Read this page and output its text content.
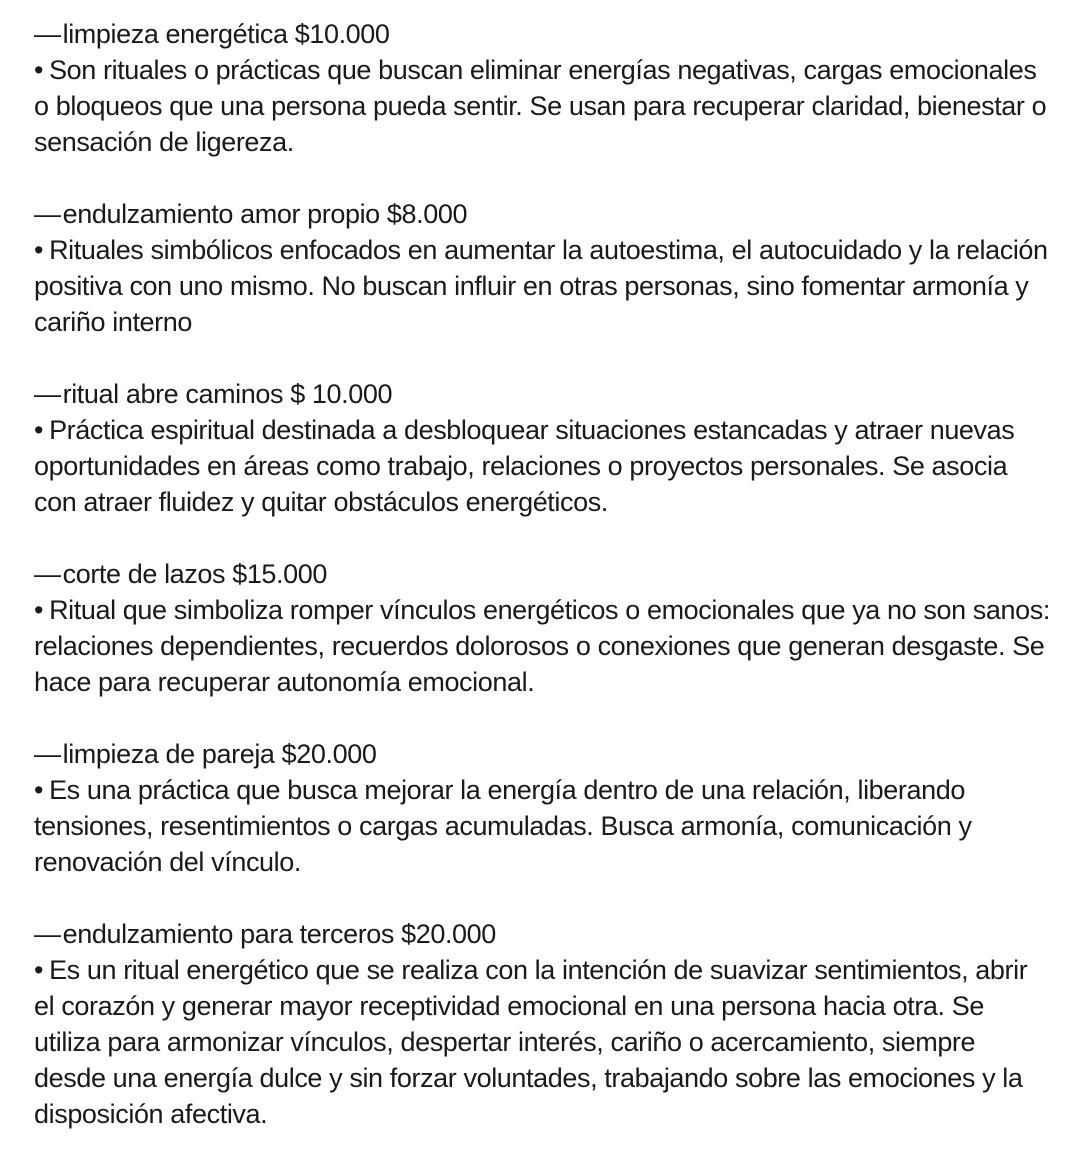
—limpieza energética $10.000

• Son rituales o prácticas que buscan eliminar energías negativas, cargas emocionales o bloqueos que una persona pueda sentir. Se usan para recuperar claridad, bienestar o sensación de ligereza.

—endulzamiento amor propio $8.000

• Rituales simbólicos enfocados en aumentar la autoestima, el autocuidado y la relación positiva con uno mismo. No buscan influir en otras personas, sino fomentar armonía y cariño interno

—ritual abre caminos $ 10.000

• Práctica espiritual destinada a desbloquear situaciones estancadas y atraer nuevas oportunidades en áreas como trabajo, relaciones o proyectos personales. Se asocia con atraer fluidez y quitar obstáculos energéticos.

—corte de lazos $15.000

• Ritual que simboliza romper vínculos energéticos o emocionales que ya no son sanos: relaciones dependientes, recuerdos dolorosos o conexiones que generan desgaste. Se hace para recuperar autonomía emocional.

—limpieza de pareja $20.000

• Es una práctica que busca mejorar la energía dentro de una relación, liberando tensiones, resentimientos o cargas acumuladas. Busca armonía, comunicación y renovación del vínculo.

—endulzamiento para terceros $20.000

• Es un ritual energético que se realiza con la intención de suavizar sentimientos, abrir el corazón y generar mayor receptividad emocional en una persona hacia otra. Se utiliza para armonizar vínculos, despertar interés, cariño o acercamiento, siempre desde una energía dulce y sin forzar voluntades, trabajando sobre las emociones y la disposición afectiva.
